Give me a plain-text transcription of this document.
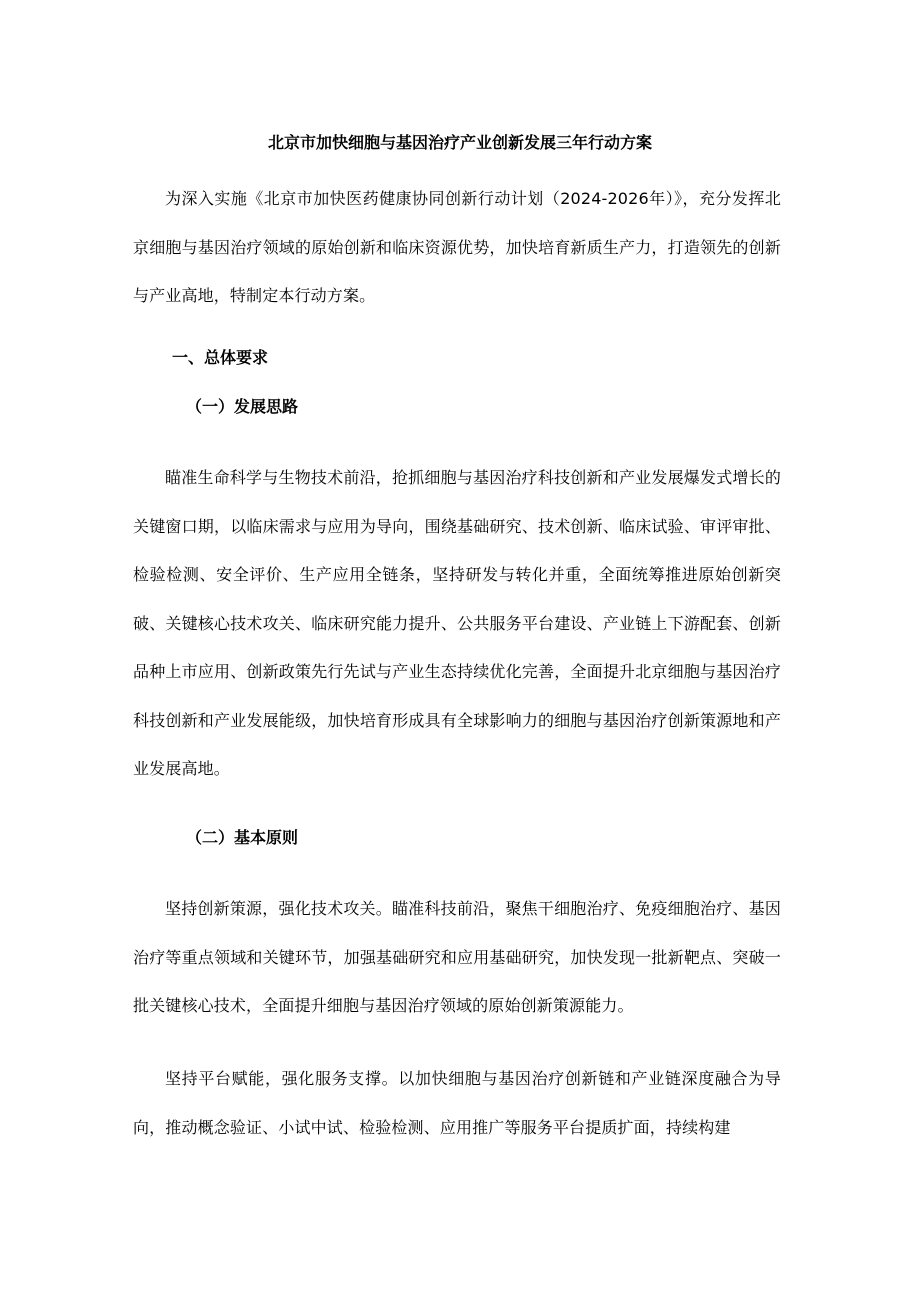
北京市加快细胞与基因治疗产业创新发展三年行动方案

为深入实施《北京市加快医药健康协同创新行动计划（2024-2026年）》，充分发挥北京细胞与基因治疗领域的原始创新和临床资源优势，加快培育新质生产力，打造领先的创新与产业高地，特制定本行动方案。

一、总体要求
（一）发展思路

瞄准生命科学与生物技术前沿，抢抓细胞与基因治疗科技创新和产业发展爆发式增长的关键窗口期，以临床需求与应用为导向，围绕基础研究、技术创新、临床试验、审评审批、检验检测、安全评价、生产应用全链条，坚持研发与转化并重，全面统筹推进原始创新突破、关键核心技术攻关、临床研究能力提升、公共服务平台建设、产业链上下游配套、创新品种上市应用、创新政策先行先试与产业生态持续优化完善，全面提升北京细胞与基因治疗科技创新和产业发展能级，加快培育形成具有全球影响力的细胞与基因治疗创新策源地和产业发展高地。

（二）基本原则

坚持创新策源，强化技术攻关。瞄准科技前沿，聚焦干细胞治疗、免疫细胞治疗、基因治疗等重点领域和关键环节，加强基础研究和应用基础研究，加快发现一批新靶点、突破一批关键核心技术，全面提升细胞与基因治疗领域的原始创新策源能力。

坚持平台赋能，强化服务支撑。以加快细胞与基因治疗创新链和产业链深度融合为导向，推动概念验证、小试中试、检验检测、应用推广等服务平台提质扩面，持续构建
